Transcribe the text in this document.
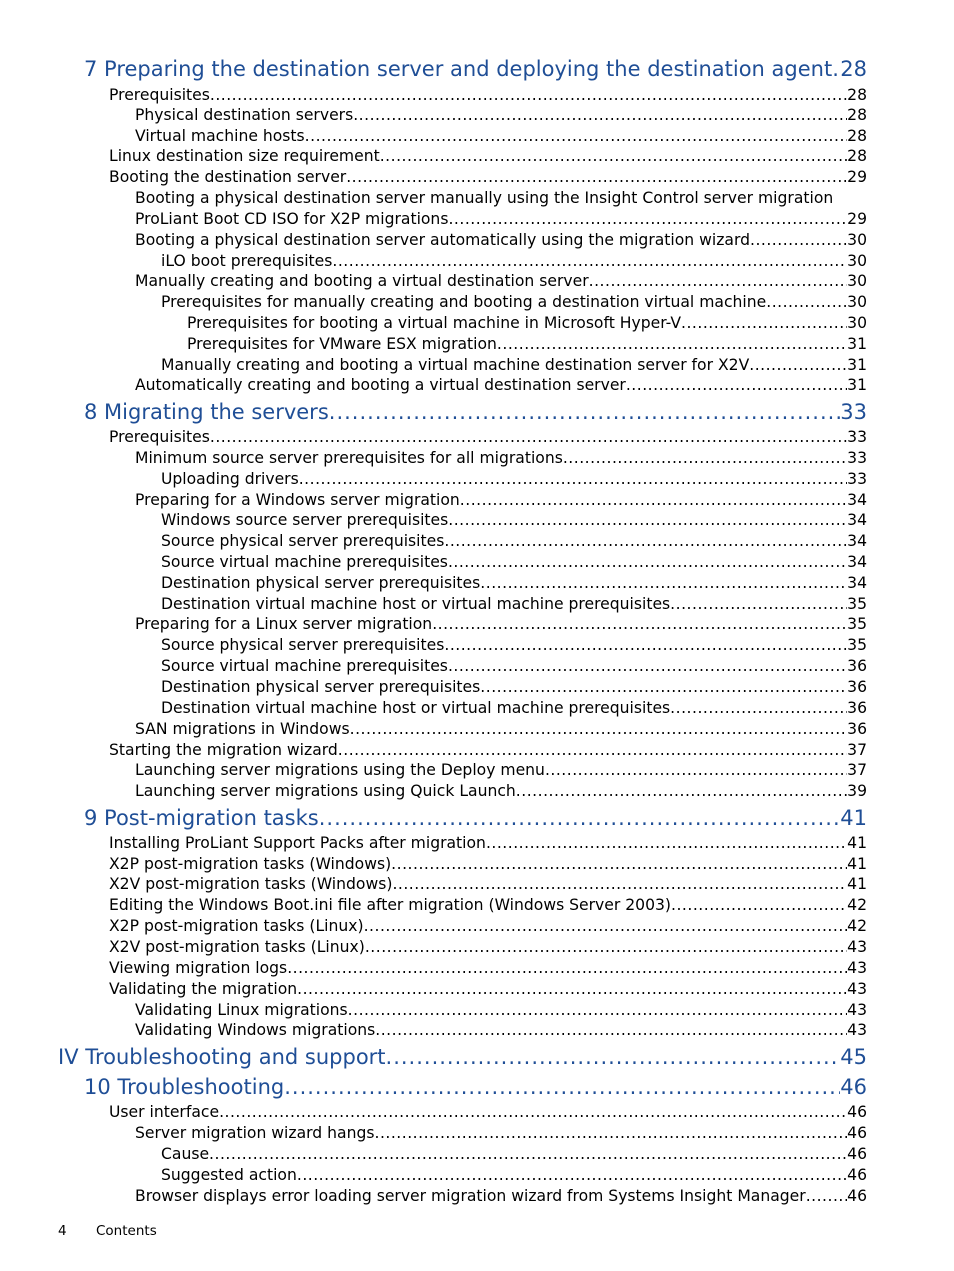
7 Preparing the destination server and deploying the destination agent ..... 28
Prerequisites .....	28
Physical destination servers .....	28
Virtual machine hosts .....	28
Linux destination size requirement .....	28
Booting the destination server .....	29
Booting a physical destination server manually using the Insight Control server migration
ProLiant Boot CD ISO for X2P migrations .....	29
Booting a physical destination server automatically using the migration wizard .....	30
iLO boot prerequisites .....	30
Manually creating and booting a virtual destination server .....	30
Prerequisites for manually creating and booting a destination virtual machine .....	30
Prerequisites for booting a virtual machine in Microsoft Hyper-V .....	30
Prerequisites for VMware ESX migration .....	31
Manually creating and booting a virtual machine destination server for X2V .....	31
Automatically creating and booting a virtual destination server .....	31
8 Migrating the servers .....	33
Prerequisites .....	33
Minimum source server prerequisites for all migrations .....	33
Uploading drivers .....	33
Preparing for a Windows server migration .....	34
Windows source server prerequisites .....	34
Source physical server prerequisites .....	34
Source virtual machine prerequisites .....	34
Destination physical server prerequisites .....	34
Destination virtual machine host or virtual machine prerequisites .....	35
Preparing for a Linux server migration .....	35
Source physical server prerequisites .....	35
Source virtual machine prerequisites .....	36
Destination physical server prerequisites .....	36
Destination virtual machine host or virtual machine prerequisites .....	36
SAN migrations in Windows .....	36
Starting the migration wizard .....	37
Launching server migrations using the Deploy menu .....	37
Launching server migrations using Quick Launch .....	39
9 Post-migration tasks .....	41
Installing ProLiant Support Packs after migration .....	41
X2P post-migration tasks (Windows) .....	41
X2V post-migration tasks (Windows) .....	41
Editing the Windows Boot.ini file after migration (Windows Server 2003) .....	42
X2P post-migration tasks (Linux) .....	42
X2V post-migration tasks (Linux) .....	43
Viewing migration logs .....	43
Validating the migration .....	43
Validating Linux migrations .....	43
Validating Windows migrations .....	43
IV Troubleshooting and support .....	45
10 Troubleshooting .....	46
User interface .....	46
Server migration wizard hangs .....	46
Cause .....	46
Suggested action .....	46
Browser displays error loading server migration wizard from Systems Insight Manager .....	46
4 Contents
